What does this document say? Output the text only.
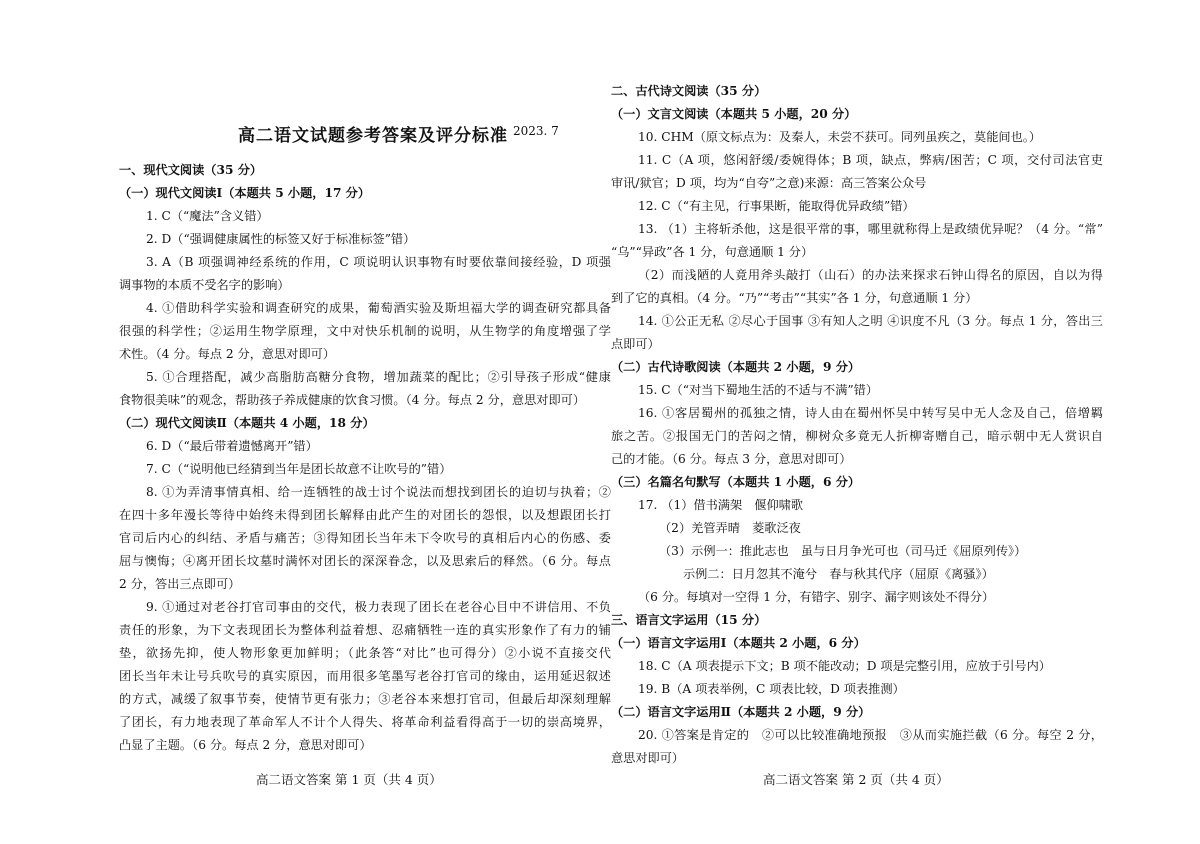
高二语文试题参考答案及评分标准 2023. 7
一、现代文阅读（35 分）
（一）现代文阅读Ⅰ（本题共 5 小题，17 分）
1. C（“魔法”含义错）
2. D（“强调健康属性的标签又好于标准标签”错）
3. A（B 项强调神经系统的作用，C 项说明认识事物有时要依靠间接经验，D 项强
调事物的本质不受名字的影响）
4. ①借助科学实验和调查研究的成果，葡萄酒实验及斯坦福大学的调查研究都具备
很强的科学性；②运用生物学原理，文中对快乐机制的说明，从生物学的角度增强了学
术性。（4 分。每点 2 分，意思对即可）
5. ①合理搭配，减少高脂肪高糖分食物，增加蔬菜的配比；②引导孩子形成“健康
食物很美味”的观念，帮助孩子养成健康的饮食习惯。（4 分。每点 2 分，意思对即可）
（二）现代文阅读Ⅱ（本题共 4 小题，18 分）
6. D（“最后带着遗憾离开”错）
7. C（“说明他已经猜到当年是团长故意不让吹号的”错）
8. ①为弄清事情真相、给一连牺牲的战士讨个说法而想找到团长的迫切与执着；②
在四十多年漫长等待中始终未得到团长解释由此产生的对团长的怨恨，以及想跟团长打
官司后内心的纠结、矛盾与痛苦；③得知团长当年未下令吹号的真相后内心的伤感、委
屈与懊悔；④离开团长坟墓时满怀对团长的深深眷念，以及思索后的释然。（6 分。每点
2 分，答出三点即可）
9. ①通过对老谷打官司事由的交代，极力表现了团长在老谷心目中不讲信用、不负
责任的形象，为下文表现团长为整体利益着想、忍痛牺牲一连的真实形象作了有力的铺
垫，欲扬先抑，使人物形象更加鲜明；（此条答“对比”也可得分）②小说不直接交代
团长当年未让号兵吹号的真实原因，而用很多笔墨写老谷打官司的缘由，运用延迟叙述
的方式，减缓了叙事节奏，使情节更有张力；③老谷本来想打官司，但最后却深刻理解
了团长，有力地表现了革命军人不计个人得失、将革命利益看得高于一切的崇高境界，
凸显了主题。（6 分。每点 2 分，意思对即可）
高二语文答案 第 1 页（共 4 页）
二、古代诗文阅读（35 分）
（一）文言文阅读（本题共 5 小题，20 分）
10. CHM（原文标点为：及秦人，未尝不获可。同列虽疾之，莫能间也。）
11. C（A 项，悠闲舒缓/委婉得体；B 项，缺点，弊病/困苦；C 项，交付司法官吏
审讯/狱官；D 项，均为“自夸”之意)来源：高三答案公众号
12. C（“有主见，行事果断，能取得优异政绩”错）
13. （1）主将斩杀他，这是很平常的事，哪里就称得上是政绩优异呢？（4 分。“常”
“乌”“异政”各 1 分，句意通顺 1 分）
（2）而浅陋的人竟用斧头敲打（山石）的办法来探求石钟山得名的原因，自以为得
到了它的真相。（4 分。“乃”“考击”“其实”各 1 分，句意通顺 1 分）
14. ①公正无私 ②尽心于国事 ③有知人之明 ④识度不凡（3 分。每点 1 分，答出三
点即可）
（二）古代诗歌阅读（本题共 2 小题，9 分）
15. C（“对当下蜀地生活的不适与不满”错）
16. ①客居蜀州的孤独之情，诗人由在蜀州怀吴中转写吴中无人念及自己，倍增羁
旅之苦。②报国无门的苦闷之情，柳树众多竟无人折柳寄赠自己，暗示朝中无人赏识自
己的才能。（6 分。每点 3 分，意思对即可）
（三）名篇名句默写（本题共 1 小题，6 分）
17. （1）借书满架　偃仰啸歌
（2）羌管弄晴　菱歌泛夜
（3）示例一：推此志也　虽与日月争光可也（司马迁《屈原列传》）
示例二：日月忽其不淹兮　春与秋其代序（屈原《离骚》）
（6 分。每填对一空得 1 分，有错字、别字、漏字则该处不得分）
三、语言文字运用（15 分）
（一）语言文字运用Ⅰ（本题共 2 小题，6 分）
18. C（A 项表提示下文；B 项不能改动；D 项是完整引用，应放于引号内）
19. B（A 项表举例，C 项表比较，D 项表推测）
（二）语言文字运用Ⅱ（本题共 2 小题，9 分）
20. ①答案是肯定的　②可以比较准确地预报　③从而实施拦截（6 分。每空 2 分，
意思对即可）
高二语文答案 第 2 页（共 4 页）
